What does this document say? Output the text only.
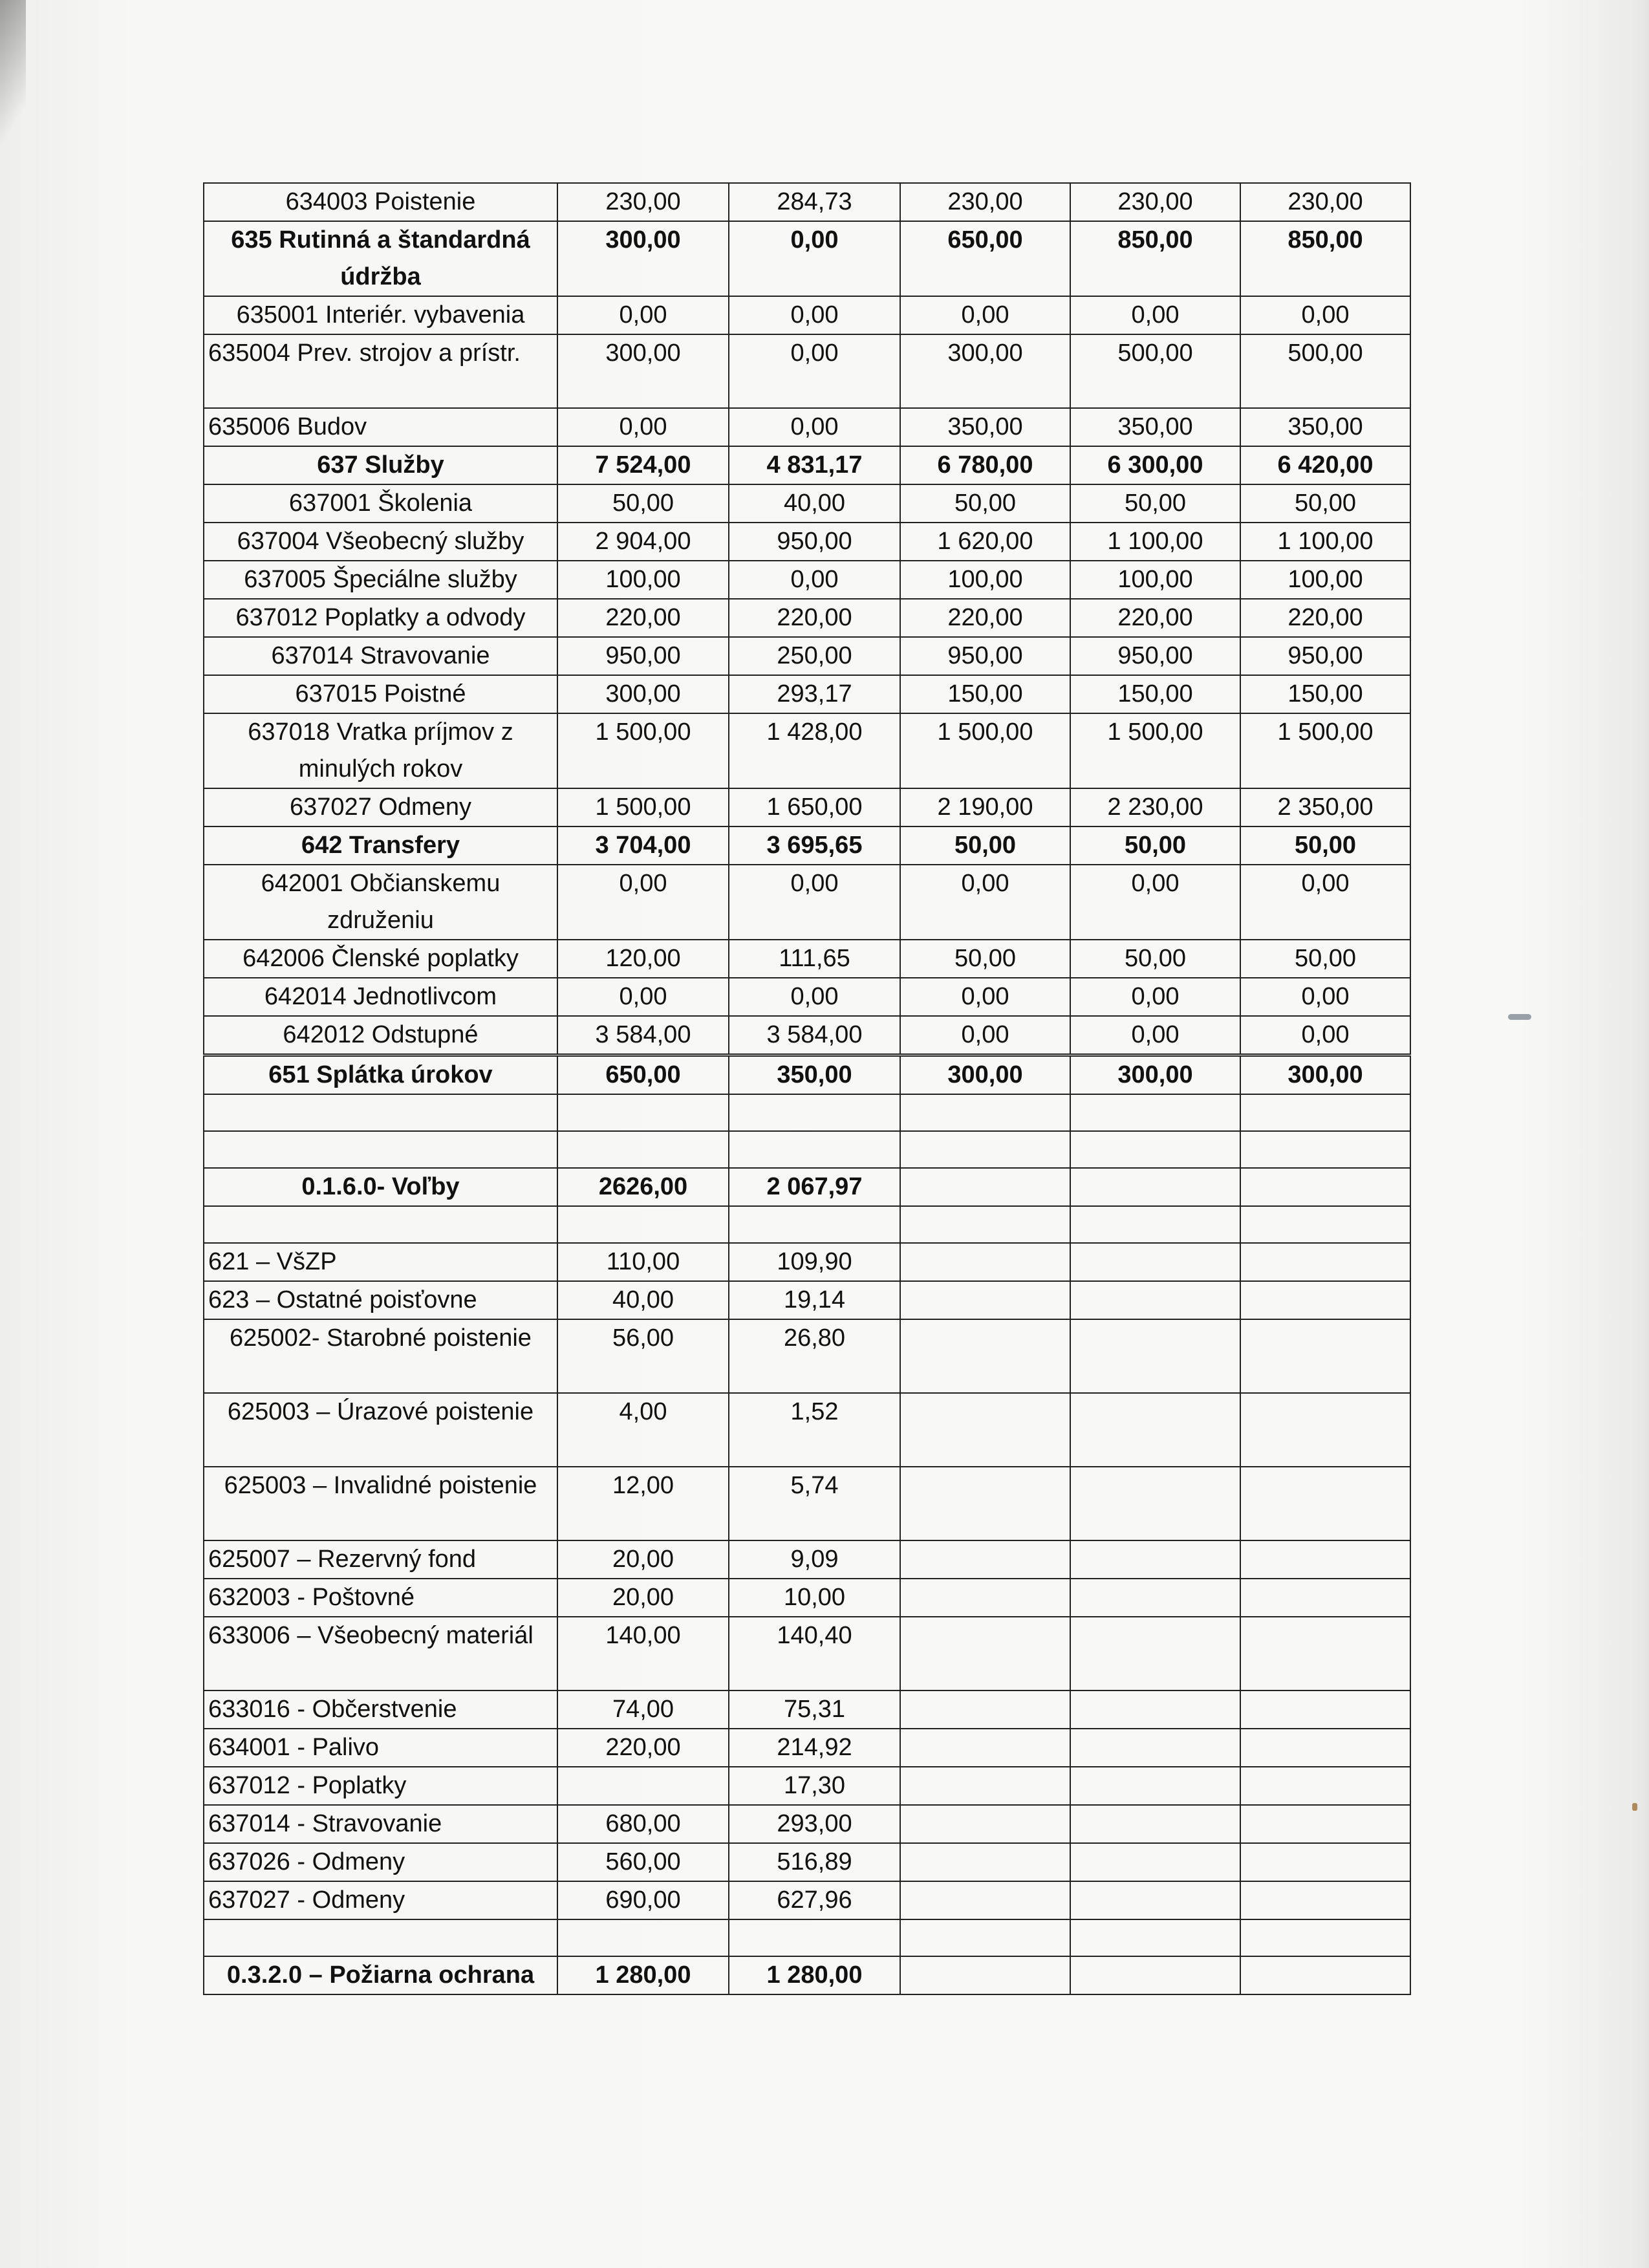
634003 Poistenie	230,00	284,73	230,00	230,00	230,00
635 Rutinná a štandardná údržba	300,00	0,00	650,00	850,00	850,00
635001 Interiér. vybavenia	0,00	0,00	0,00	0,00	0,00
635004 Prev. strojov a prístr.	300,00	0,00	300,00	500,00	500,00
635006 Budov	0,00	0,00	350,00	350,00	350,00
637 Služby	7 524,00	4 831,17	6 780,00	6 300,00	6 420,00
637001 Školenia	50,00	40,00	50,00	50,00	50,00
637004 Všeobecný služby	2 904,00	950,00	1 620,00	1 100,00	1 100,00
637005 Špeciálne služby	100,00	0,00	100,00	100,00	100,00
637012 Poplatky a odvody	220,00	220,00	220,00	220,00	220,00
637014 Stravovanie	950,00	250,00	950,00	950,00	950,00
637015 Poistné	300,00	293,17	150,00	150,00	150,00
637018 Vratka príjmov z minulých rokov	1 500,00	1 428,00	1 500,00	1 500,00	1 500,00
637027 Odmeny	1 500,00	1 650,00	2 190,00	2 230,00	2 350,00
642 Transfery	3 704,00	3 695,65	50,00	50,00	50,00
642001 Občianskemu združeniu	0,00	0,00	0,00	0,00	0,00
642006 Členské poplatky	120,00	111,65	50,00	50,00	50,00
642014 Jednotlivcom	0,00	0,00	0,00	0,00	0,00
642012 Odstupné	3 584,00	3 584,00	0,00	0,00	0,00
651 Splátka úrokov	650,00	350,00	300,00	300,00	300,00

0.1.6.0- Voľby	2626,00	2 067,97			

621 – VšZP	110,00	109,90			
623 – Ostatné poisťovne	40,00	19,14			
625002- Starobné poistenie	56,00	26,80			
625003 – Úrazové poistenie	4,00	1,52			
625003 – Invalidné poistenie	12,00	5,74			
625007 – Rezervný fond	20,00	9,09			
632003 - Poštovné	20,00	10,00			
633006 – Všeobecný materiál	140,00	140,40			
633016 - Občerstvenie	74,00	75,31			
634001 - Palivo	220,00	214,92			
637012 - Poplatky		17,30			
637014 - Stravovanie	680,00	293,00			
637026 - Odmeny	560,00	516,89			
637027 - Odmeny	690,00	627,96			

0.3.2.0 – Požiarna ochrana	1 280,00	1 280,00			
